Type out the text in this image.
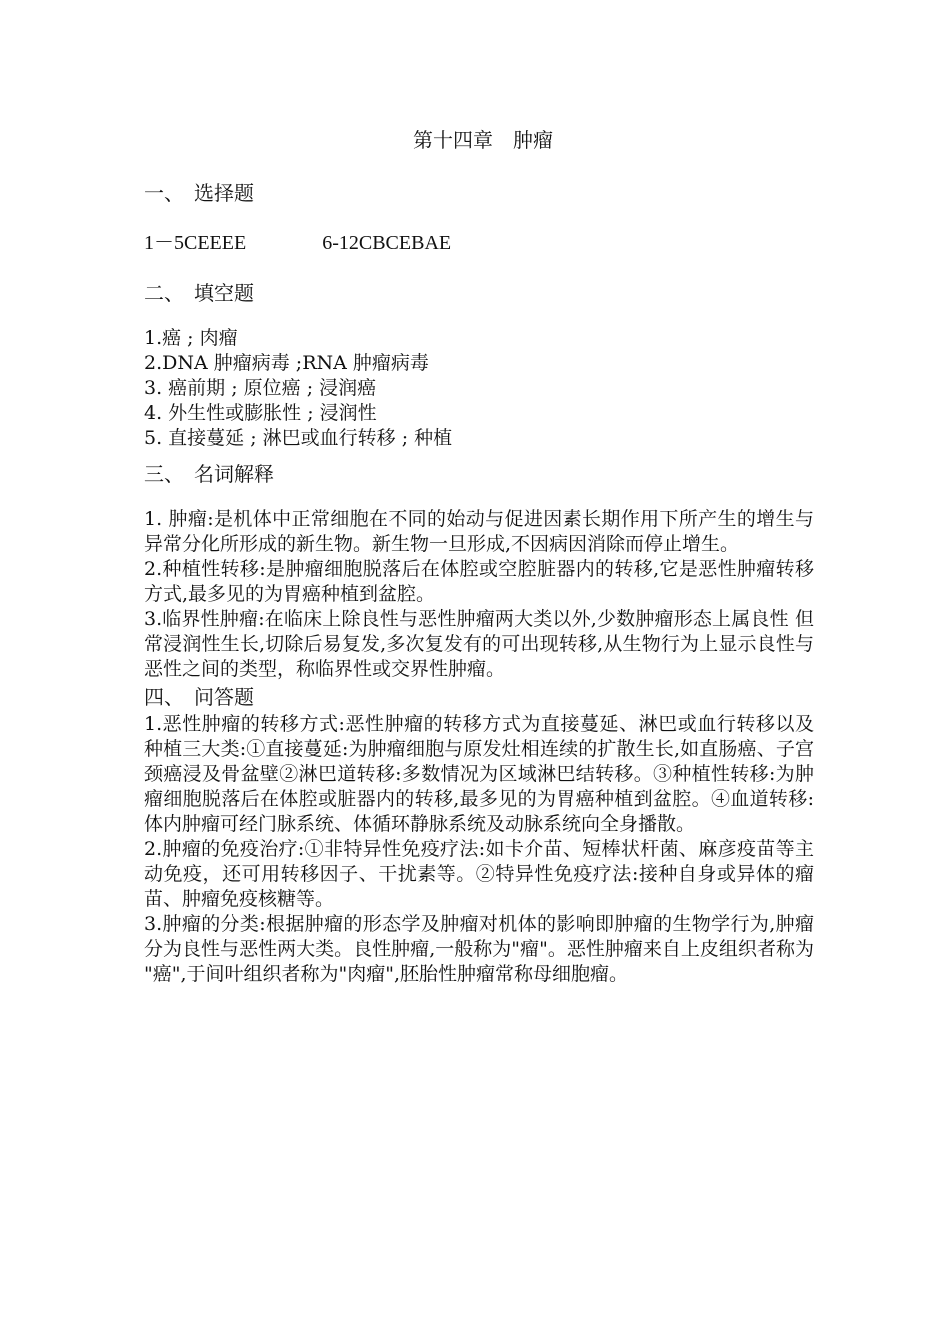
第十四章　肿瘤
一、　选择题
1－5CEEEE	6-12CBCEBAE
二、　填空题
1.癌 ; 肉瘤
2.DNA 肿瘤病毒 ;RNA 肿瘤病毒
3. 癌前期 ; 原位癌 ; 浸润癌
4. 外生性或膨胀性 ; 浸润性
5. 直接蔓延 ; 淋巴或血行转移 ; 种植
三、　名词解释

1. 肿瘤:是机体中正常细胞在不同的始动与促进因素长期作用下所产生的增生与异常分化所形成的新生物。新生物一旦形成,不因病因消除而停止增生。

2.种植性转移:是肿瘤细胞脱落后在体腔或空腔脏器内的转移,它是恶性肿瘤转移方式,最多见的为胃癌种植到盆腔。

3.临界性肿瘤:在临床上除良性与恶性肿瘤两大类以外,少数肿瘤形态上属良性 但常浸润性生长,切除后易复发,多次复发有的可出现转移,从生物行为上显示良性与恶性之间的类型，称临界性或交界性肿瘤。

四、　问答题

1.恶性肿瘤的转移方式:恶性肿瘤的转移方式为直接蔓延、淋巴或血行转移以及种植三大类:①直接蔓延:为肿瘤细胞与原发灶相连续的扩散生长,如直肠癌、子宫颈癌浸及骨盆壁②淋巴道转移:多数情况为区域淋巴结转移。③种植性转移:为肿瘤细胞脱落后在体腔或脏器内的转移,最多见的为胃癌种植到盆腔。④血道转移:体内肿瘤可经门脉系统、体循环静脉系统及动脉系统向全身播散。

2.肿瘤的免疫治疗:①非特异性免疫疗法:如卡介苗、短棒状杆菌、麻彦疫苗等主动免疫，还可用转移因子、干扰素等。②特异性免疫疗法:接种自身或异体的瘤苗、肿瘤免疫核糖等。

3.肿瘤的分类:根据肿瘤的形态学及肿瘤对机体的影响即肿瘤的生物学行为,肿瘤分为良性与恶性两大类。良性肿瘤,一般称为"瘤"。恶性肿瘤来自上皮组织者称为 "癌",于间叶组织者称为"肉瘤",胚胎性肿瘤常称母细胞瘤。
